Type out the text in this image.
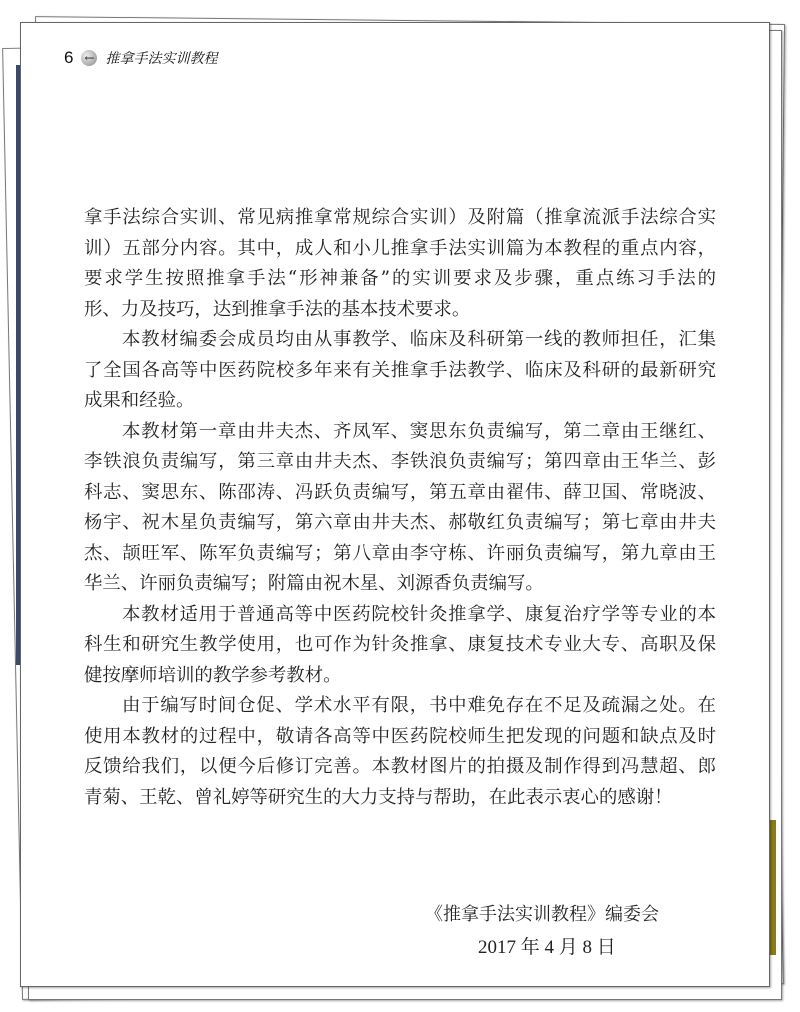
6 ← 推拿手法实训教程
拿手法综合实训、常见病推拿常规综合实训）及附篇（推拿流派手法综合实
训）五部分内容。其中，成人和小儿推拿手法实训篇为本教程的重点内容，
要求学生按照推拿手法“形神兼备”的实训要求及步骤，重点练习手法的
形、力及技巧，达到推拿手法的基本技术要求。
本教材编委会成员均由从事教学、临床及科研第一线的教师担任，汇集
了全国各高等中医药院校多年来有关推拿手法教学、临床及科研的最新研究
成果和经验。
本教材第一章由井夫杰、齐凤军、窦思东负责编写，第二章由王继红、
李铁浪负责编写，第三章由井夫杰、李铁浪负责编写；第四章由王华兰、彭
科志、窦思东、陈邵涛、冯跃负责编写，第五章由翟伟、薛卫国、常晓波、
杨宇、祝木星负责编写，第六章由井夫杰、郝敬红负责编写；第七章由井夫
杰、颉旺军、陈军负责编写；第八章由李守栋、许丽负责编写，第九章由王
华兰、许丽负责编写；附篇由祝木星、刘源香负责编写。
本教材适用于普通高等中医药院校针灸推拿学、康复治疗学等专业的本
科生和研究生教学使用，也可作为针灸推拿、康复技术专业大专、高职及保
健按摩师培训的教学参考教材。
由于编写时间仓促、学术水平有限，书中难免存在不足及疏漏之处。在
使用本教材的过程中，敬请各高等中医药院校师生把发现的问题和缺点及时
反馈给我们，以便今后修订完善。本教材图片的拍摄及制作得到冯慧超、郎
青菊、王乾、曾礼婷等研究生的大力支持与帮助，在此表示衷心的感谢！
《推拿手法实训教程》编委会
2017 年 4 月 8 日
